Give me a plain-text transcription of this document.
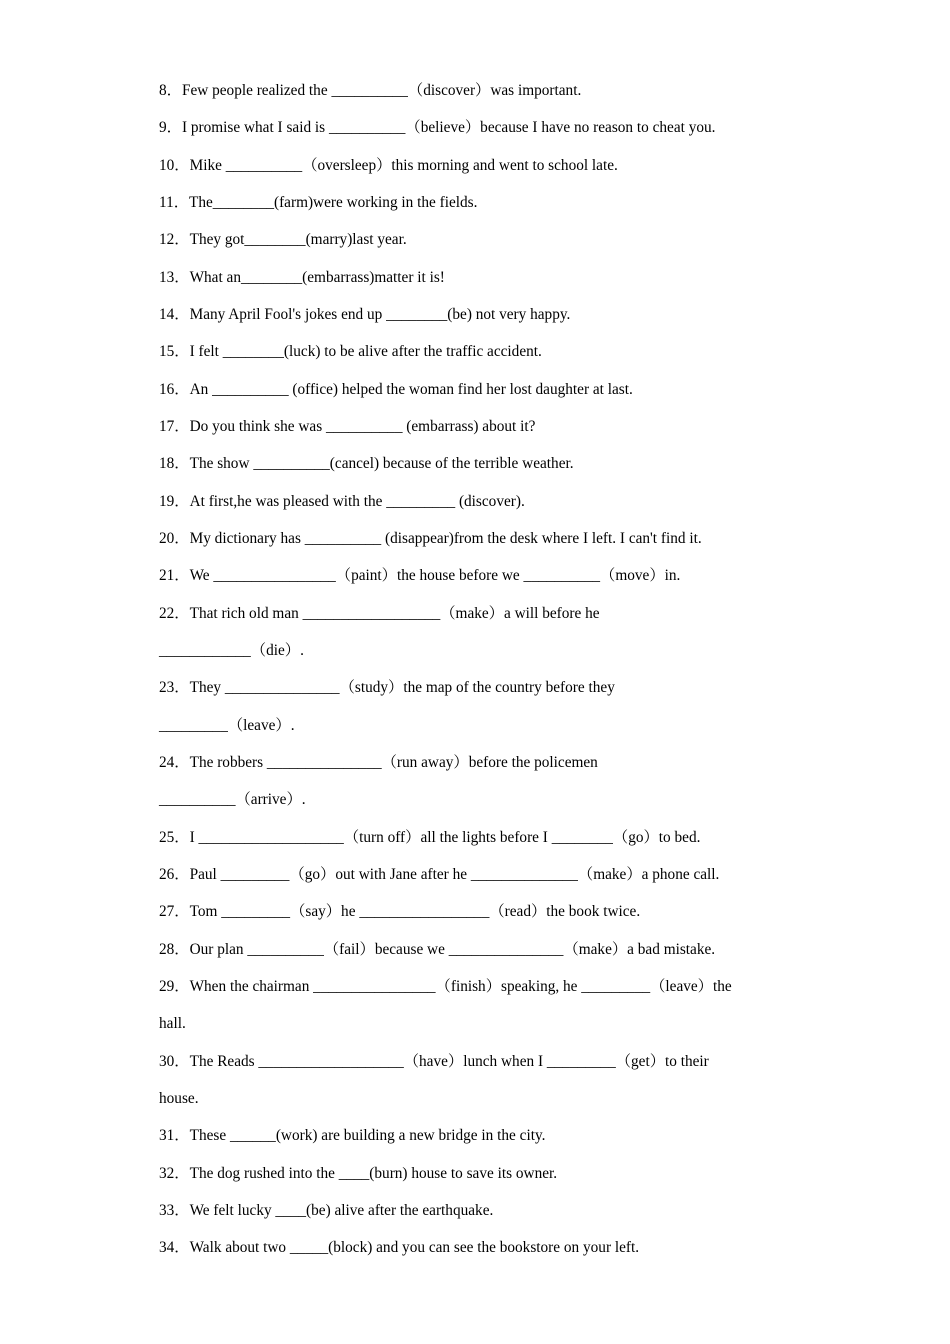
8．Few people realized the __________（discover）was important.
9．I promise what I said is __________（believe）because I have no reason to cheat you.
10．Mike __________（oversleep）this morning and went to school late.
11．The________(farm)were working in the fields.
12．They got________(marry)last year.
13．What an________(embarrass)matter it is!
14．Many April Fool's jokes end up ________(be) not very happy.
15．I felt ________(luck) to be alive after the traffic accident.
16．An __________ (office) helped the woman find her lost daughter at last.
17．Do you think she was __________ (embarrass) about it?
18．The show __________(cancel) because of the terrible weather.
19．At first,he was pleased with the _________ (discover).
20．My dictionary has __________ (disappear)from the desk where I left. I can't find it.
21．We ________________（paint）the house before we __________（move）in.
22．That rich old man __________________（make）a will before he
____________（die）.
23．They _______________（study）the map of the country before they
_________（leave）.
24．The robbers _______________（run away）before the policemen
__________（arrive）.
25．I ___________________（turn off）all the lights before I ________（go）to bed.
26．Paul _________（go）out with Jane after he ______________（make）a phone call.
27．Tom _________（say）he _________________（read）the book twice.
28．Our plan __________（fail）because we _______________（make）a bad mistake.
29．When the chairman ________________（finish）speaking, he _________（leave）the
hall.
30．The Reads ___________________（have）lunch when I _________（get）to their
house.
31．These ______(work) are building a new bridge in the city.
32．The dog rushed into the ____(burn) house to save its owner.
33．We felt lucky ____(be) alive after the earthquake.
34．Walk about two _____(block) and you can see the bookstore on your left.
